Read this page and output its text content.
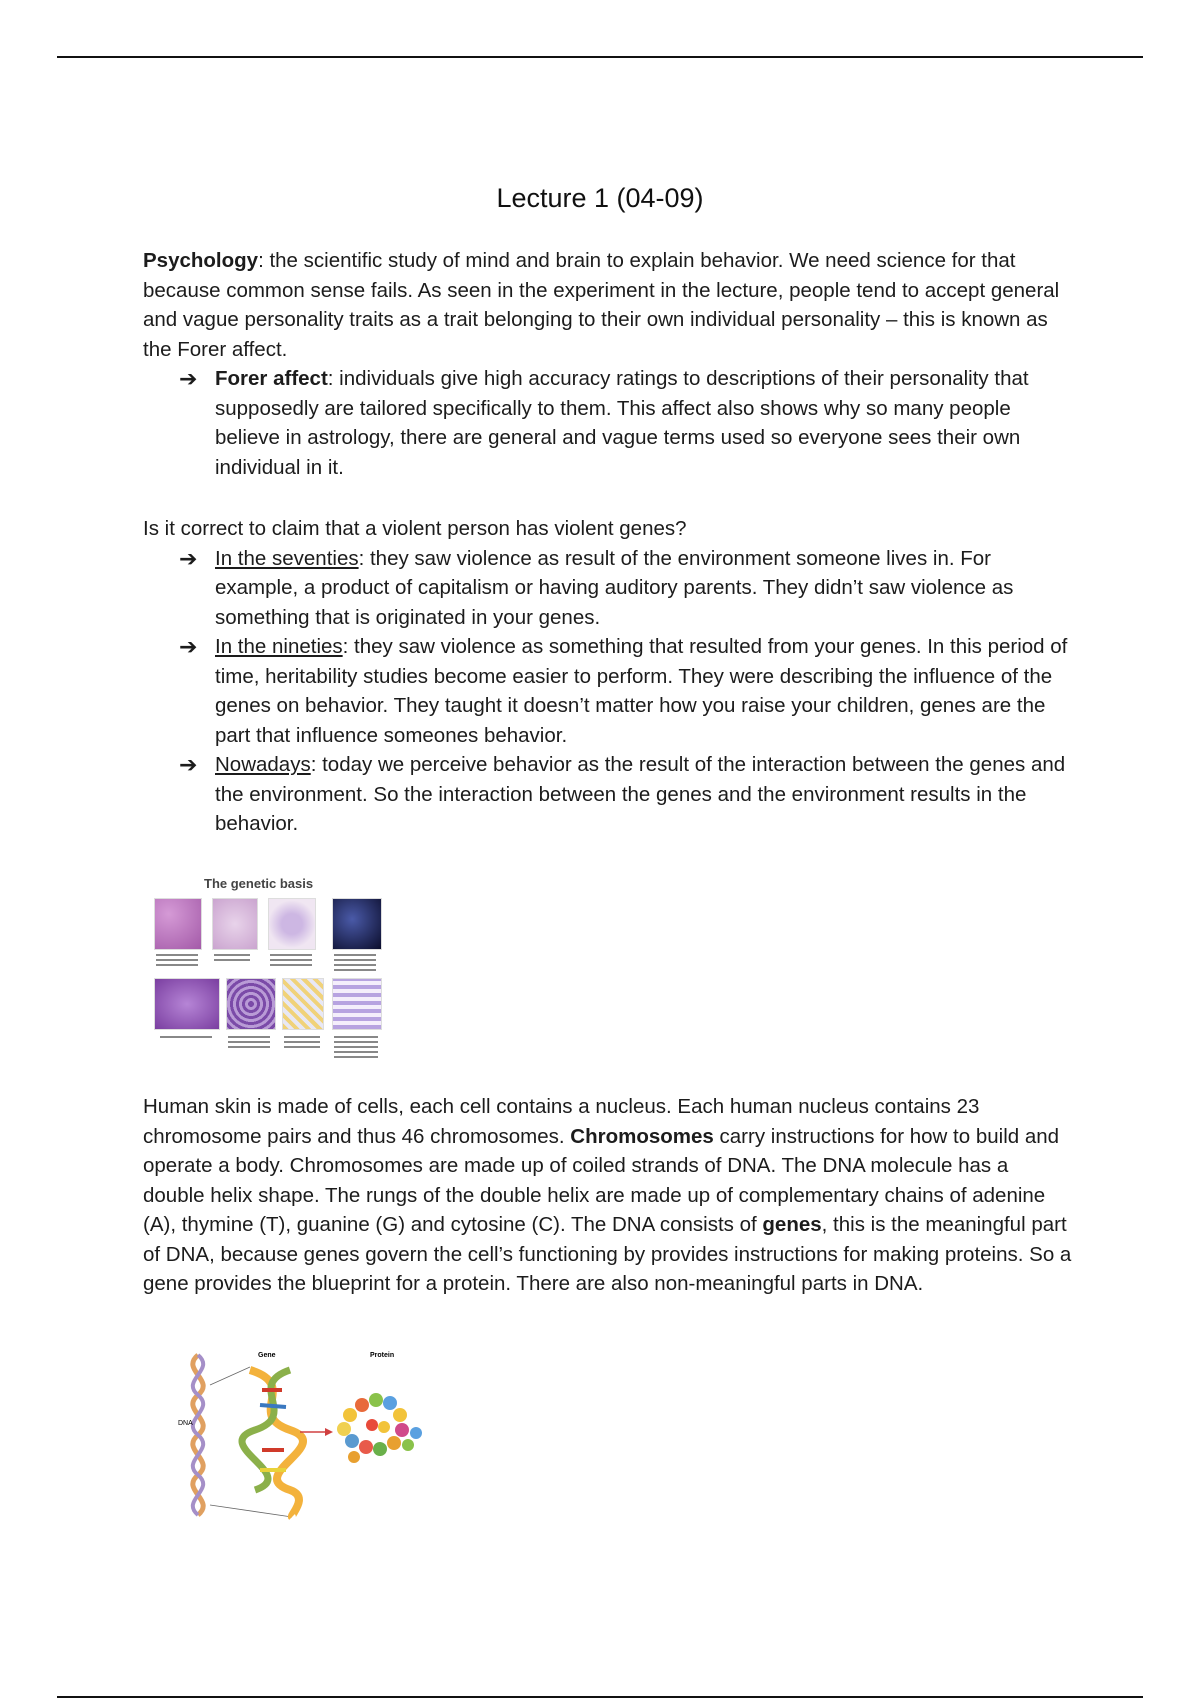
Lecture 1 (04-09)

Psychology: the scientific study of mind and brain to explain behavior. We need science for that because common sense fails. As seen in the experiment in the lecture, people tend to accept general and vague personality traits as a trait belonging to their own individual personality – this is known as the Forer affect.

➔ Forer affect: individuals give high accuracy ratings to descriptions of their personality that supposedly are tailored specifically to them. This affect also shows why so many people believe in astrology, there are general and vague terms used so everyone sees their own individual in it.

Is it correct to claim that a violent person has violent genes?

➔ In the seventies: they saw violence as result of the environment someone lives in. For example, a product of capitalism or having auditory parents. They didn’t saw violence as something that is originated in your genes.
➔ In the nineties: they saw violence as something that resulted from your genes. In this period of time, heritability studies become easier to perform. They were describing the influence of the genes on behavior. They taught it doesn’t matter how you raise your children, genes are the part that influence someones behavior.
➔ Nowadays: today we perceive behavior as the result of the interaction between the genes and the environment. So the interaction between the genes and the environment results in the behavior.
The genetic basis

Human skin is made of cells, each cell contains a nucleus. Each human nucleus contains 23 chromosome pairs and thus 46 chromosomes. Chromosomes carry instructions for how to build and operate a body. Chromosomes are made up of coiled strands of DNA. The DNA molecule has a double helix shape. The rungs of the double helix are made up of complementary chains of adenine (A), thymine (T), guanine (G) and cytosine (C). The DNA consists of genes, this is the meaningful part of DNA, because genes govern the cell’s functioning by provides instructions for making proteins. So a gene provides the blueprint for a protein. There are also non-meaningful parts in DNA.

DNA
Gene	Protein
